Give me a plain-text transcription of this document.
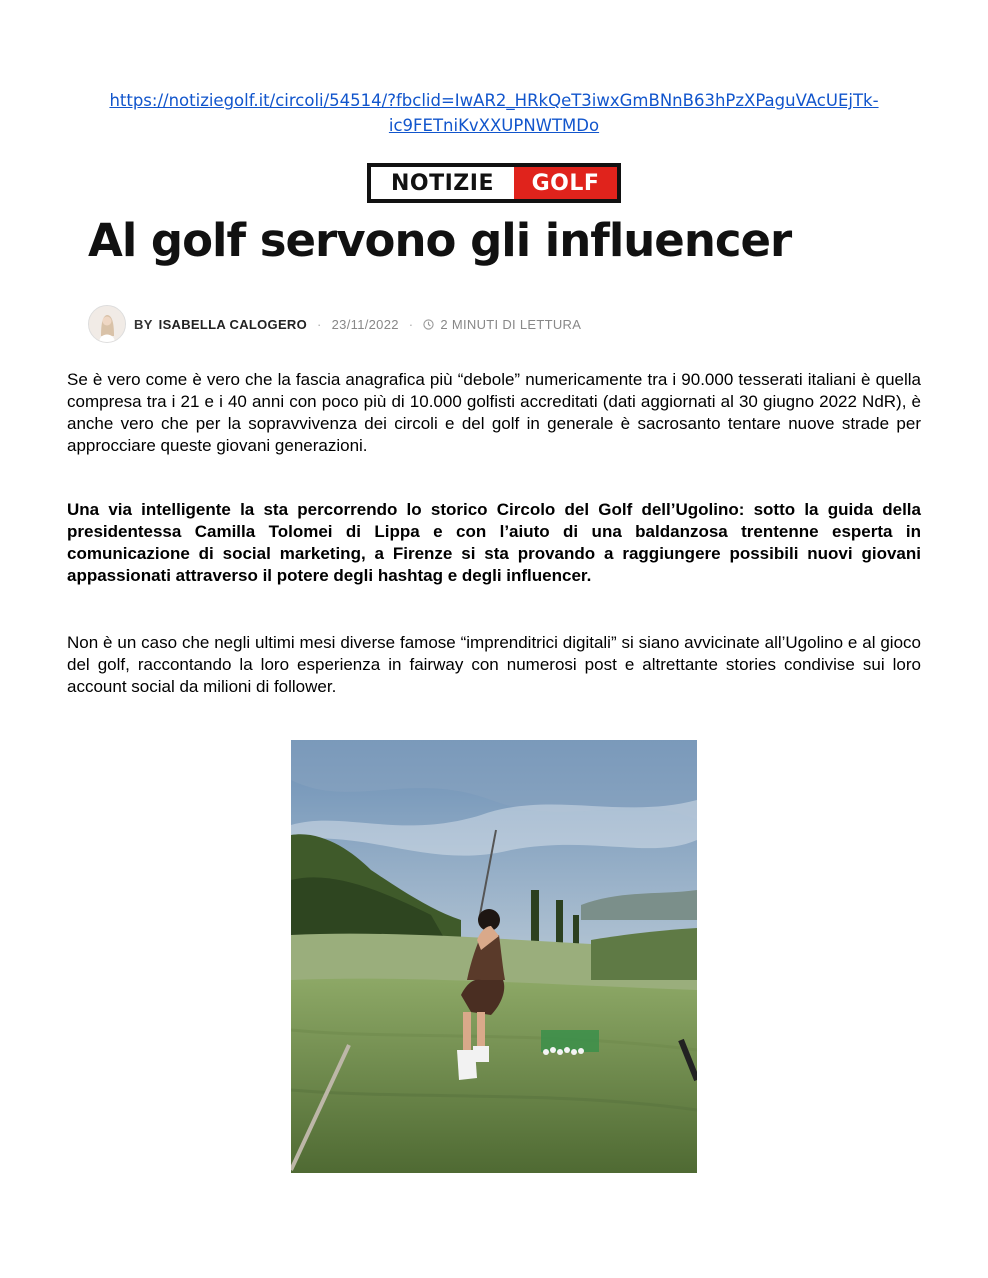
https://notiziegolf.it/circoli/54514/?fbclid=IwAR2_HRkQeT3iwxGmBNnB63hPzXPaguVAcUEjTk-
ic9FETniKvXXUPNWTMDo
NOTIZIE	GOLF
Al golf servono gli influencer
BY ISABELLA CALOGERO · 23/11/2022 · 2 MINUTI DI LETTURA
Se è vero come è vero che la fascia anagrafica più “debole” numericamente tra i 90.000 tesserati italiani è quella compresa tra i 21 e i 40 anni con poco più di 10.000 golfisti accreditati (dati aggiornati al 30 giugno 2022 NdR), è anche vero che per la sopravvivenza dei circoli e del golf in generale è sacrosanto tentare nuove strade per approcciare queste giovani generazioni.
Una via intelligente la sta percorrendo lo storico Circolo del Golf dell’Ugolino: sotto la guida della presidentessa Camilla Tolomei di Lippa e con l’aiuto di una baldanzosa trentenne esperta in comunicazione di social marketing, a Firenze si sta provando a raggiungere possibili nuovi giovani appassionati attraverso il potere degli hashtag e degli influencer.
Non è un caso che negli ultimi mesi diverse famose “imprenditrici digitali” si siano avvicinate all’Ugolino e al gioco del golf, raccontando la loro esperienza in fairway con numerosi post e altrettante stories condivise sui loro account social da milioni di follower.
